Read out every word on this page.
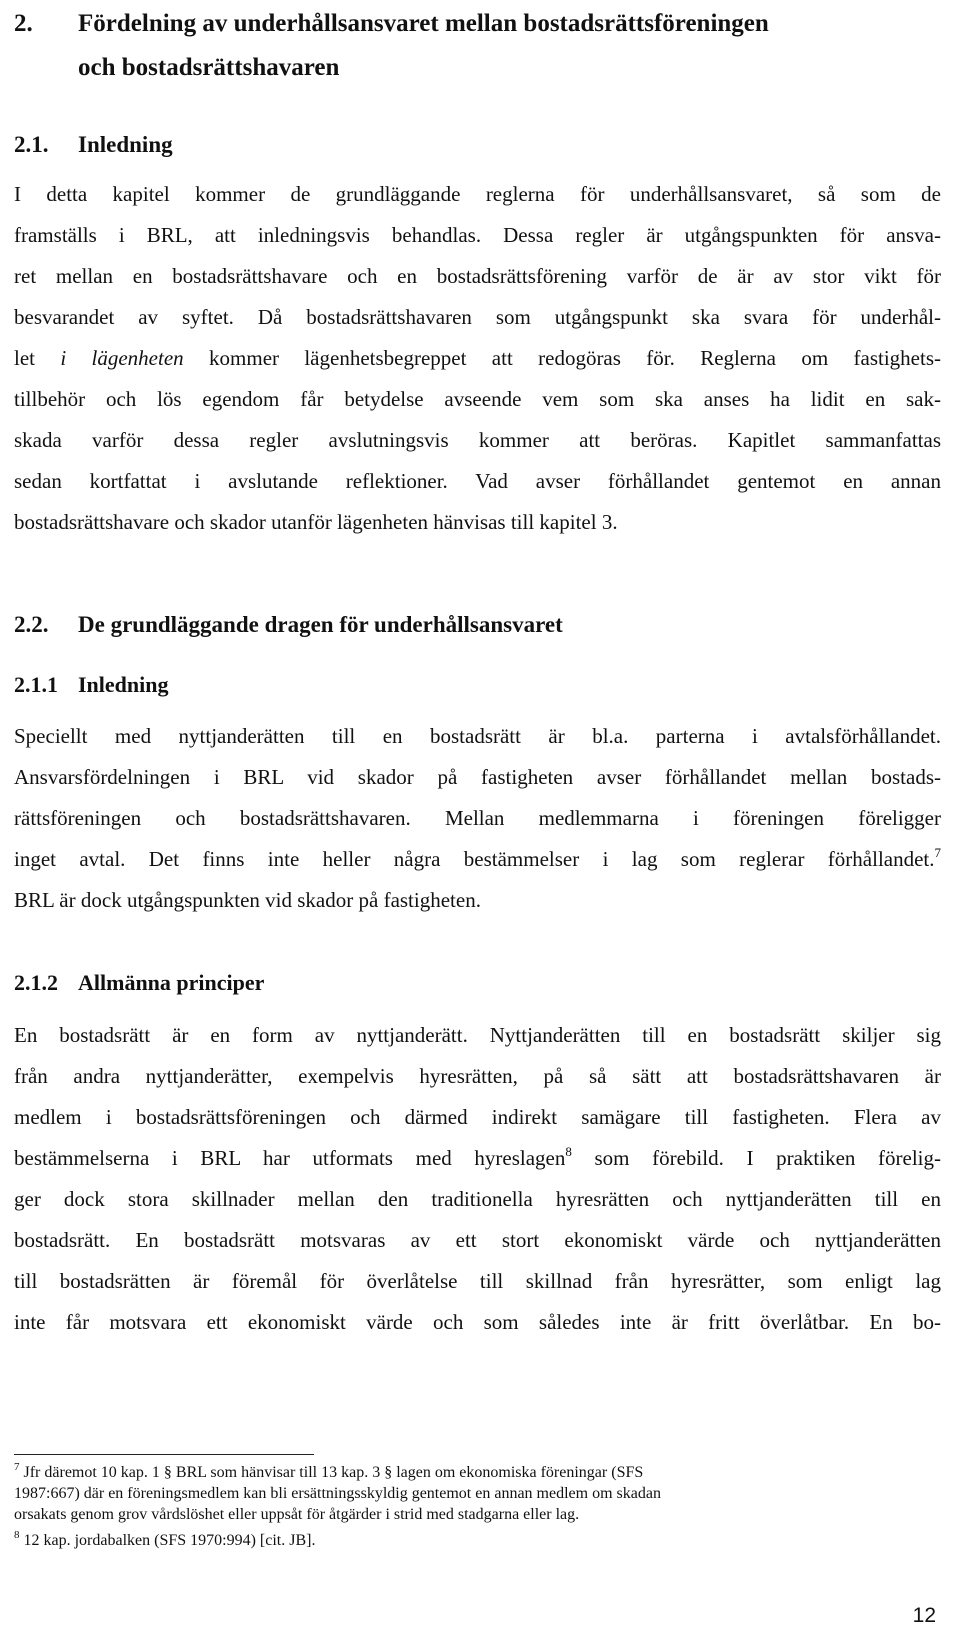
2. Fördelning av underhållsansvaret mellan bostadsrättsföreningen
och bostadsrättshavaren
2.1. Inledning
I detta kapitel kommer de grundläggande reglerna för underhållsansvaret, så som de
framställs i BRL, att inledningsvis behandlas. Dessa regler är utgångspunkten för ansva-
ret mellan en bostadsrättshavare och en bostadsrättsförening varför de är av stor vikt för
besvarandet av syftet. Då bostadsrättshavaren som utgångspunkt ska svara för underhål-
let i lägenheten kommer lägenhetsbegreppet att redogöras för. Reglerna om fastighets-
tillbehör och lös egendom får betydelse avseende vem som ska anses ha lidit en sak-
skada varför dessa regler avslutningsvis kommer att beröras. Kapitlet sammanfattas
sedan kortfattat i avslutande reflektioner. Vad avser förhållandet gentemot en annan
bostadsrättshavare och skador utanför lägenheten hänvisas till kapitel 3.
2.2. De grundläggande dragen för underhållsansvaret
2.1.1 Inledning
Speciellt med nyttjanderätten till en bostadsrätt är bl.a. parterna i avtalsförhållandet.
Ansvarsfördelningen i BRL vid skador på fastigheten avser förhållandet mellan bostads-
rättsföreningen och bostadsrättshavaren. Mellan medlemmarna i föreningen föreligger
inget avtal. Det finns inte heller några bestämmelser i lag som reglerar förhållandet.$^7$
BRL är dock utgångspunkten vid skador på fastigheten.
2.1.2 Allmänna principer
En bostadsrätt är en form av nyttjanderätt. Nyttjanderätten till en bostadsrätt skiljer sig
från andra nyttjanderätter, exempelvis hyresrätten, på så sätt att bostadsrättshavaren är
medlem i bostadsrättsföreningen och därmed indirekt samägare till fastigheten. Flera av
bestämmelserna i BRL har utformats med hyreslagen$^8$ som förebild. I praktiken förelig-
ger dock stora skillnader mellan den traditionella hyresrätten och nyttjanderätten till en
bostadsrätt. En bostadsrätt motsvaras av ett stort ekonomiskt värde och nyttjanderätten
till bostadsrätten är föremål för överlåtelse till skillnad från hyresrätter, som enligt lag
inte får motsvara ett ekonomiskt värde och som således inte är fritt överlåtbar. En bo-
$^7$ Jfr däremot 10 kap. 1 § BRL som hänvisar till 13 kap. 3 § lagen om ekonomiska föreningar (SFS
1987:667) där en föreningsmedlem kan bli ersättningsskyldig gentemot en annan medlem om skadan
orsakats genom grov vårdslöshet eller uppsåt för åtgärder i strid med stadgarna eller lag.
$^8$ 12 kap. jordabalken (SFS 1970:994) [cit. JB].
12
